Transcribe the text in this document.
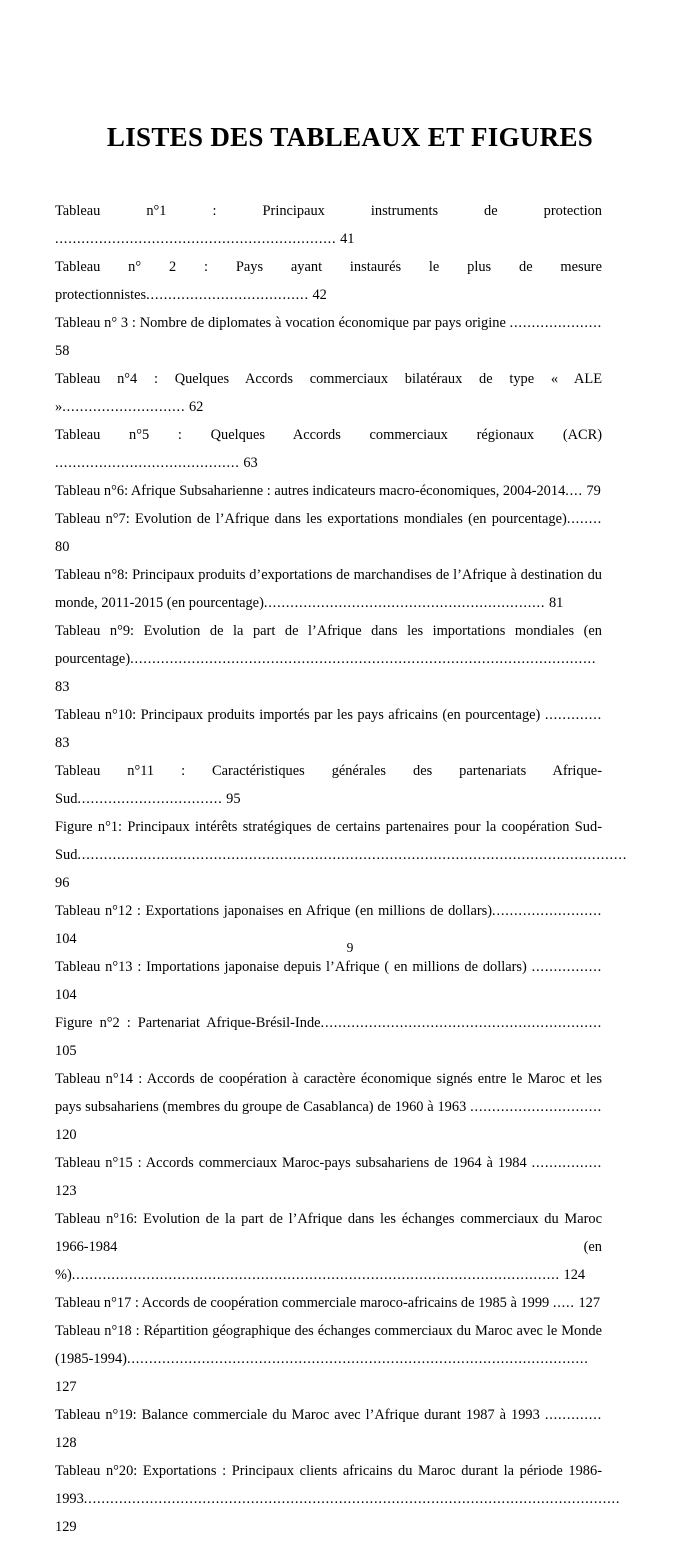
LISTES DES TABLEAUX ET FIGURES
Tableau n°1 : Principaux instruments de protection ................................................................ 41
Tableau n° 2 : Pays ayant instaurés le plus de mesure protectionnistes..................................... 42
Tableau n° 3 : Nombre de diplomates à vocation économique par pays origine ..................... 58
Tableau n°4 : Quelques Accords commerciaux bilatéraux de type « ALE »............................ 62
Tableau n°5 : Quelques Accords commerciaux régionaux (ACR) .......................................... 63
Tableau n°6: Afrique Subsaharienne : autres indicateurs macro-économiques, 2004-2014.... 79
Tableau n°7: Evolution de l’Afrique dans les exportations mondiales (en pourcentage)........ 80
Tableau n°8: Principaux produits d’exportations de marchandises de l’Afrique à destination du monde, 2011-2015 (en pourcentage)................................................................ 81
Tableau n°9: Evolution de la part de l’Afrique dans les importations mondiales (en pourcentage).......................................................................................................... 83
Tableau n°10: Principaux produits importés par les pays africains (en pourcentage) ............. 83
Tableau n°11 : Caractéristiques générales des partenariats Afrique-Sud................................. 95
Figure n°1: Principaux intérêts stratégiques de certains partenaires pour la coopération Sud-Sud............................................................................................................................. 96
Tableau n°12 : Exportations japonaises en Afrique (en millions de dollars)......................... 104
Tableau n°13 : Importations japonaise depuis l’Afrique ( en millions de dollars) ................ 104
Figure n°2 : Partenariat Afrique-Brésil-Inde................................................................ 105
Tableau n°14 : Accords de coopération à caractère économique signés entre le Maroc et les pays subsahariens (membres du groupe de Casablanca) de 1960 à 1963 .............................. 120
Tableau n°15 : Accords commerciaux Maroc-pays subsahariens de 1964 à 1984 ................ 123
Tableau n°16: Evolution de la part de l’Afrique dans les échanges commerciaux du Maroc 1966-1984 (en %)............................................................................................................... 124
Tableau n°17 : Accords de coopération commerciale maroco-africains de 1985 à 1999 ..... 127
Tableau n°18 : Répartition géographique des échanges commerciaux du Maroc avec le Monde (1985-1994)......................................................................................................... 127
Tableau n°19: Balance commerciale du Maroc avec l’Afrique durant 1987 à 1993 ............. 128
Tableau n°20: Exportations : Principaux clients africains du Maroc durant la période 1986-1993.......................................................................................................................... 129
9
